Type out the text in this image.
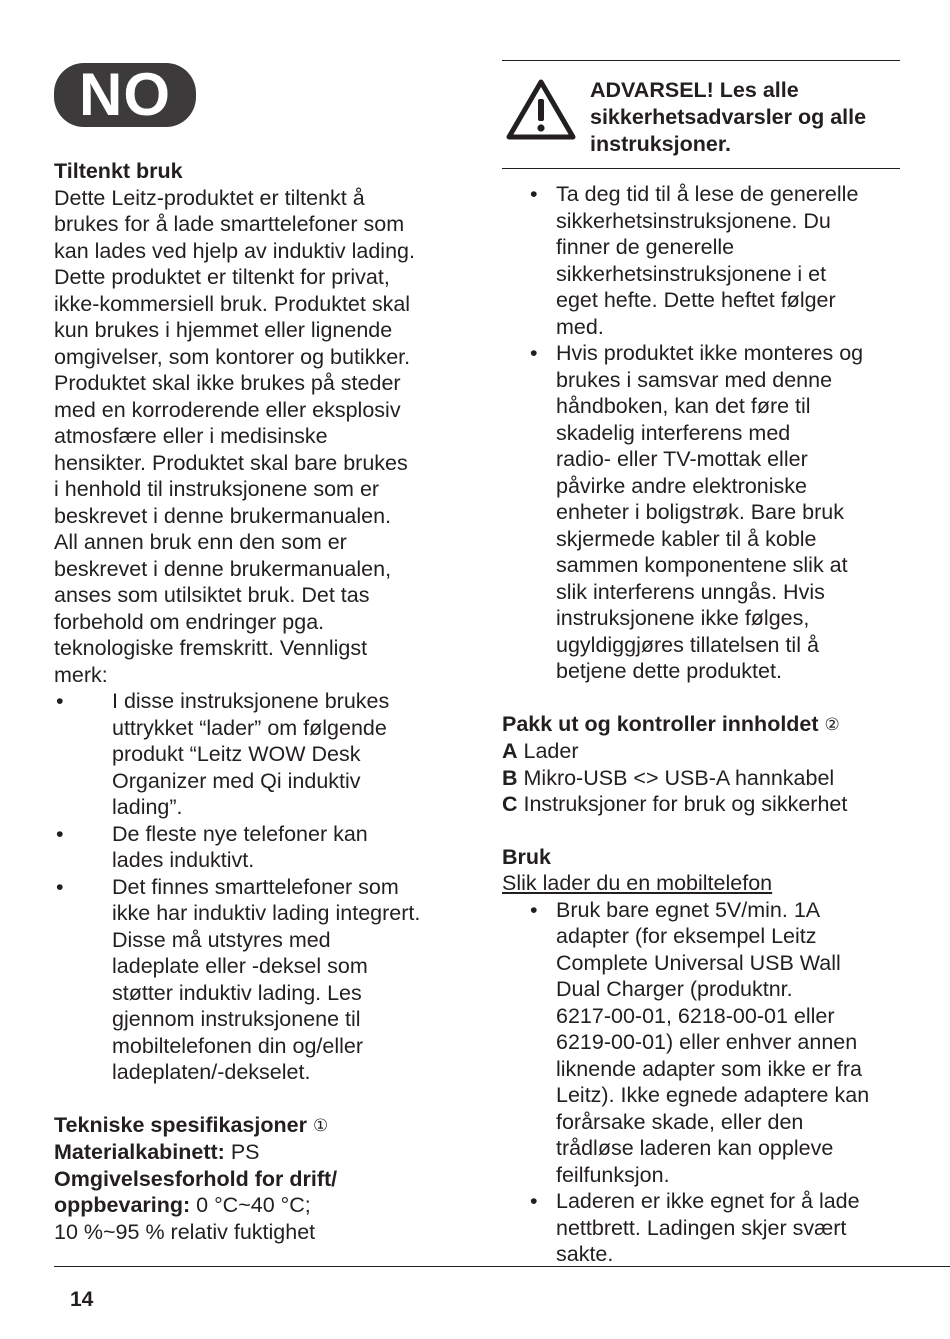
NO

Tiltenkt bruk

Dette Leitz-produktet er tiltenkt å
brukes for å lade smarttelefoner som
kan lades ved hjelp av induktiv lading.
Dette produktet er tiltenkt for privat,
ikke-kommersiell bruk. Produktet skal
kun brukes i hjemmet eller lignende
omgivelser, som kontorer og butikker.
Produktet skal ikke brukes på steder
med en korroderende eller eksplosiv
atmosfære eller i medisinske
hensikter. Produktet skal bare brukes
i henhold til instruksjonene som er
beskrevet i denne brukermanualen.
All annen bruk enn den som er
beskrevet i denne brukermanualen,
anses som utilsiktet bruk. Det tas
forbehold om endringer pga.
teknologiske fremskritt. Vennligst
merk:
• I disse instruksjonene brukes
uttrykket “lader” om følgende
produkt “Leitz WOW Desk
Organizer med Qi induktiv
lading”.
• De fleste nye telefoner kan
lades induktivt.
• Det finnes smarttelefoner som
ikke har induktiv lading integrert.
Disse må utstyres med
ladeplate eller -deksel som
støtter induktiv lading. Les
gjennom instruksjonene til
mobiltelefonen din og/eller
ladeplaten/-dekselet.

Tekniske spesifikasjoner ①

Materialkabinett: PS

Omgivelsesforhold for drift/

oppbevaring: 0 °C~40 °C;

10 %~95 % relativ fuktighet

ADVARSEL! Les alle
sikkerhetsadvarsler og alle
instruksjoner.
• Ta deg tid til å lese de generelle
sikkerhetsinstruksjonene. Du
finner de generelle
sikkerhetsinstruksjonene i et
eget hefte. Dette heftet følger
med.
• Hvis produktet ikke monteres og
brukes i samsvar med denne
håndboken, kan det føre til
skadelig interferens med
radio- eller TV-mottak eller
påvirke andre elektroniske
enheter i boligstrøk. Bare bruk
skjermede kabler til å koble
sammen komponentene slik at
slik interferens unngås. Hvis
instruksjonene ikke følges,
ugyldiggjøres tillatelsen til å
betjene dette produktet.

Pakk ut og kontroller innholdet ②

A Lader

B Mikro-USB <> USB-A hannkabel

C Instruksjoner for bruk og sikkerhet

Bruk

Slik lader du en mobiltelefon

• Bruk bare egnet 5V/min. 1A
adapter (for eksempel Leitz
Complete Universal USB Wall
Dual Charger (produktnr.
6217-00-01, 6218-00-01 eller
6219-00-01) eller enhver annen
liknende adapter som ikke er fra
Leitz). Ikke egnede adaptere kan
forårsake skade, eller den
trådløse laderen kan oppleve
feilfunksjon.
• Laderen er ikke egnet for å lade
nettbrett. Ladingen skjer svært
sakte.
14
